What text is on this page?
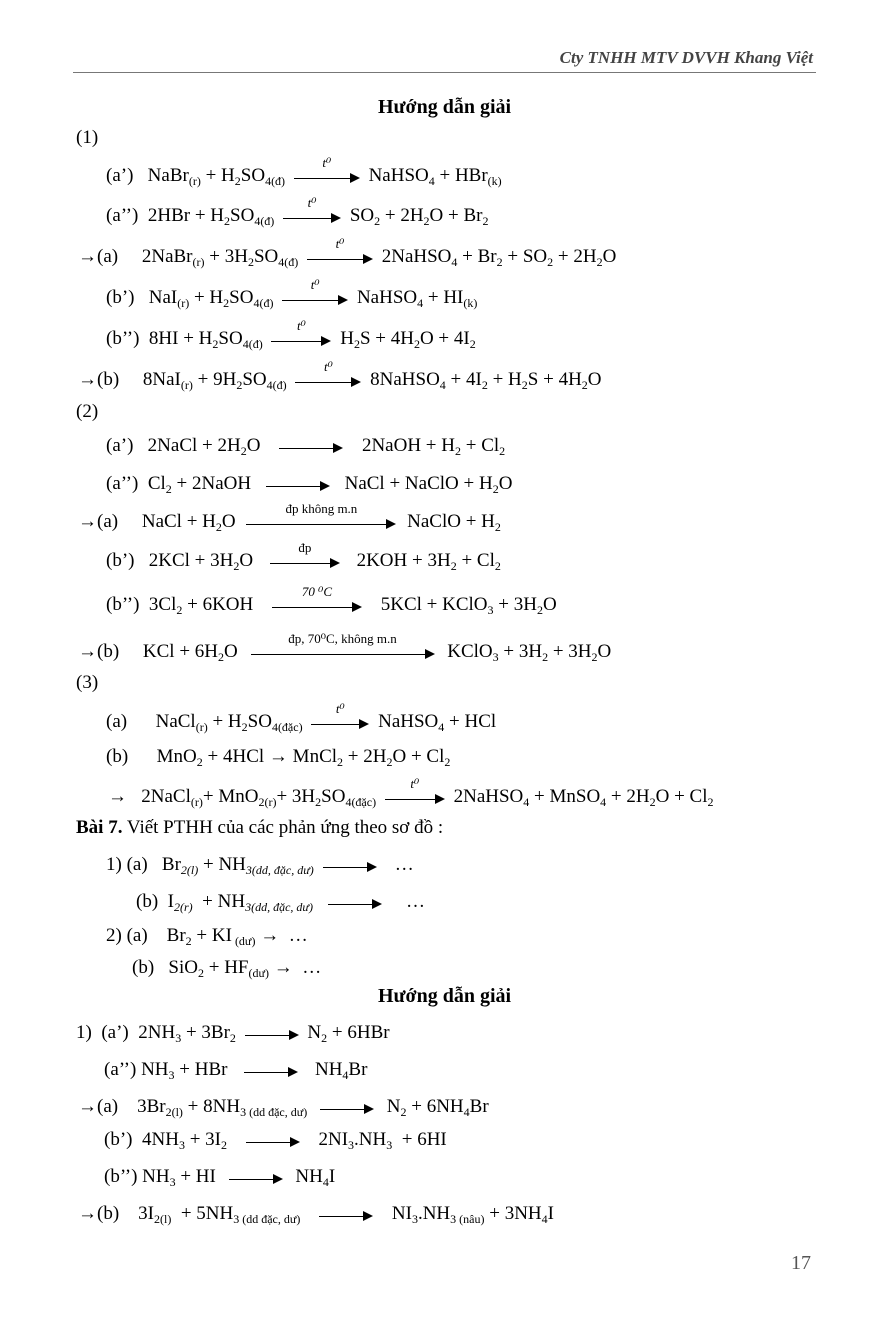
Cty TNHH MTV DVVH Khang Việt
Hướng dẫn giải
(1)
(a’)   NaBr$_{(r)}$ + $H_2SO_{4(đ)}$
t⁰
NaHSO$_4$ + HBr$_{(k)}$
(a’’)  $2HBr + H_2SO_{4(đ)}$
t⁰
$SO_2 + 2H_2O + Br_2$
→(a)     2NaBr$_{(r)}$ + $3H_2SO_{4(đ)}$
t⁰
2NaHSO$_4$ + $Br_2 + SO_2 + 2H_2O$
(b’)   $NaI_{(r)} + H_2SO_{4(đ)}$
t⁰
NaHSO$_4$ + $HI_{(k)}$
(b’’)  $8HI + H_2SO_{4(đ)}$
t⁰
$H_2S + 4H_2O + 4I_2$
→(b)     $8NaI_{(r)} + 9H_2SO_{4(đ)}$
t⁰
8NaHSO$_4$ + $4I_2 + H_2S + 4H_2O$
(2)
(a’)   2NaCl + $2H_2O$	2NaOH + $H_2 + Cl_2$
(a’’)  $Cl_2$ + 2NaOH	NaCl + NaClO + $H_2O$
→(a)     NaCl + $H_2O$
đp không m.n
NaClO + $H_2$
(b’)   $2KCl + 3H_2O$
đp
$2KOH + 3H_2 + Cl_2$
(b’’)  $3Cl_2 + 6KOH$
70 ⁰C
5KCl + KClO$_3$ + $3H_2O$
→(b)     KCl + $6H_2O$
đp, 70⁰C, không m.n
KClO$_3$ + $3H_2 + 3H_2O$
(3)
(a)      NaCl$_{(r)}$ + $H_2SO_{4(đặc)}$
t⁰
NaHSO$_4$ + HCl
(b)      MnO$_2$ + 4HCl → MnCl$_2$ + $2H_2O + Cl_2$
→   2NaCl$_{(r)}$+ $MnO_{2(r)}+ 3H_2SO_{4(đặc)}$
t⁰
2NaHSO$_4$ + MnSO$_4$ + $2H_2O + Cl_2$
Bài 7. Viết PTHH của các phản ứng theo sơ đồ :
1) (a)   $Br_{2(l)} + NH_{3(dd, đặc, dư)}$	…
(b)  $I_{2(r)} + NH_{3(dd, đặc, dư)}$	…
2) (a)    $Br_2$ + KI $_{(dư)}$ →  …
(b)   $SiO_2 + HF_{(dư)}$ →  …
Hướng dẫn giải
1)  (a’)  $2NH_3 + 3Br_2$	$N_2 + 6HBr$
(a’’) $NH_3$ + HBr	$NH_4Br$
→(a)    $3Br_{2(l)} + 8NH_{3 (dd đặc, dư)}$	$N_2 + 6NH_4Br$
(b’)  $4NH_3 + 3I_2$	$2NI_3.NH_3 + 6HI$
(b’’) $NH_3$ + HI	$NH_4I$
→(b)    $3I_{2(l)} + 5NH_{3 (dd đặc, dư)}$	$NI_3.NH_{3 (nâu)} + 3NH_4I$
17
